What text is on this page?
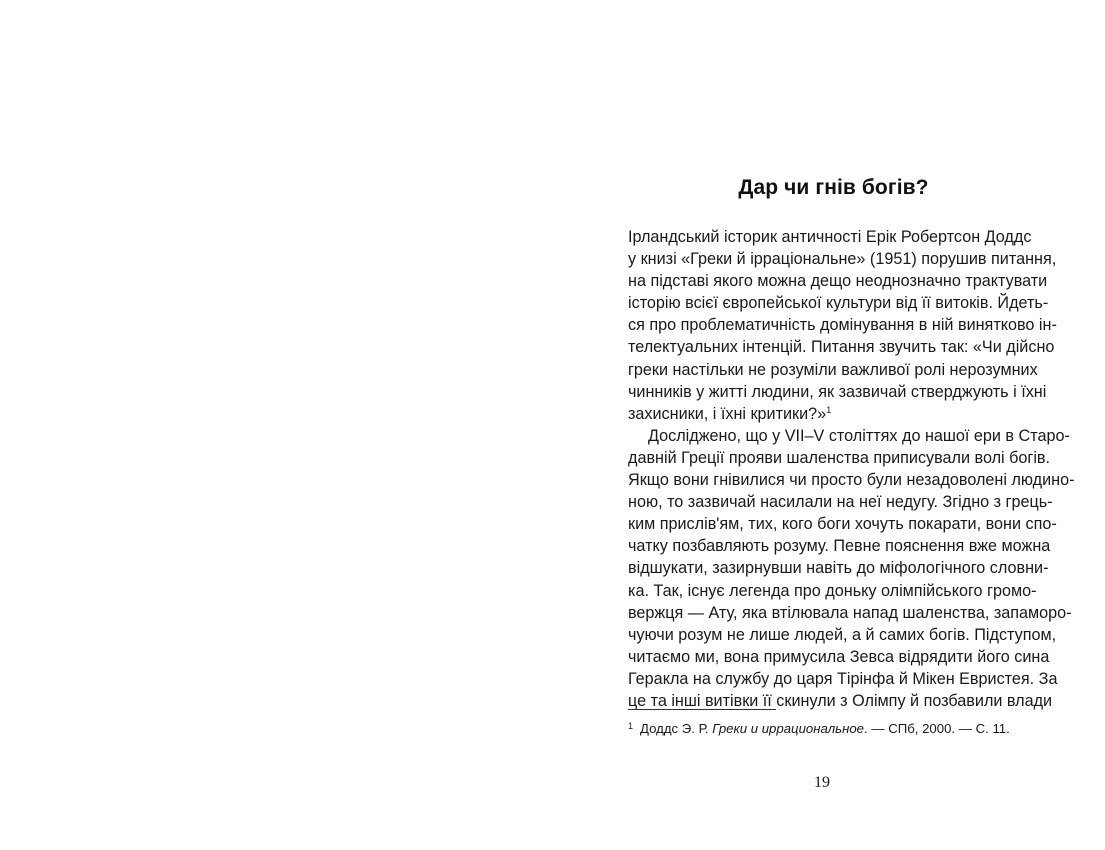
Дар чи гнів богів?
Ірландський історик античності Ерік Робертсон Доддс
у книзі «Греки й ірраціональне» (1951) порушив питання,
на підставі якого можна дещо неоднозначно трактувати
історію всієї європейської культури від її витоків. Йдеть-
ся про проблематичність домінування в ній винятково ін-
телектуальних інтенцій. Питання звучить так: «Чи дійсно
греки настільки не розуміли важливої ролі нерозумних
чинників у житті людини, як зазвичай стверджують і їхні
захисники, і їхні критики?»$^1$
Досліджено, що у VII–V століттях до нашої ери в Старо-
давній Греції прояви шаленства приписували волі богів.
Якщо вони гнівилися чи просто були незадоволені людино-
ною, то зазвичай насилали на неї недугу. Згідно з грець-
ким прислів'ям, тих, кого боги хочуть покарати, вони спо-
чатку позбавляють розуму. Певне пояснення вже можна
відшукати, зазирнувши навіть до міфологічного словни-
ка. Так, існує легенда про доньку олімпійського громо-
вержця — Ату, яка втілювала напад шаленства, запаморо-
чуючи розум не лише людей, а й самих богів. Підступом,
читаємо ми, вона примусила Зевса відрядити його сина
Геракла на службу до царя Тірінфа й Мікен Евристея. За
це та інші витівки її скинули з Олімпу й позбавили влади
$^1$ Доддс Э. Р. Греки и иррациональное. — СПб, 2000. — С. 11.
19
